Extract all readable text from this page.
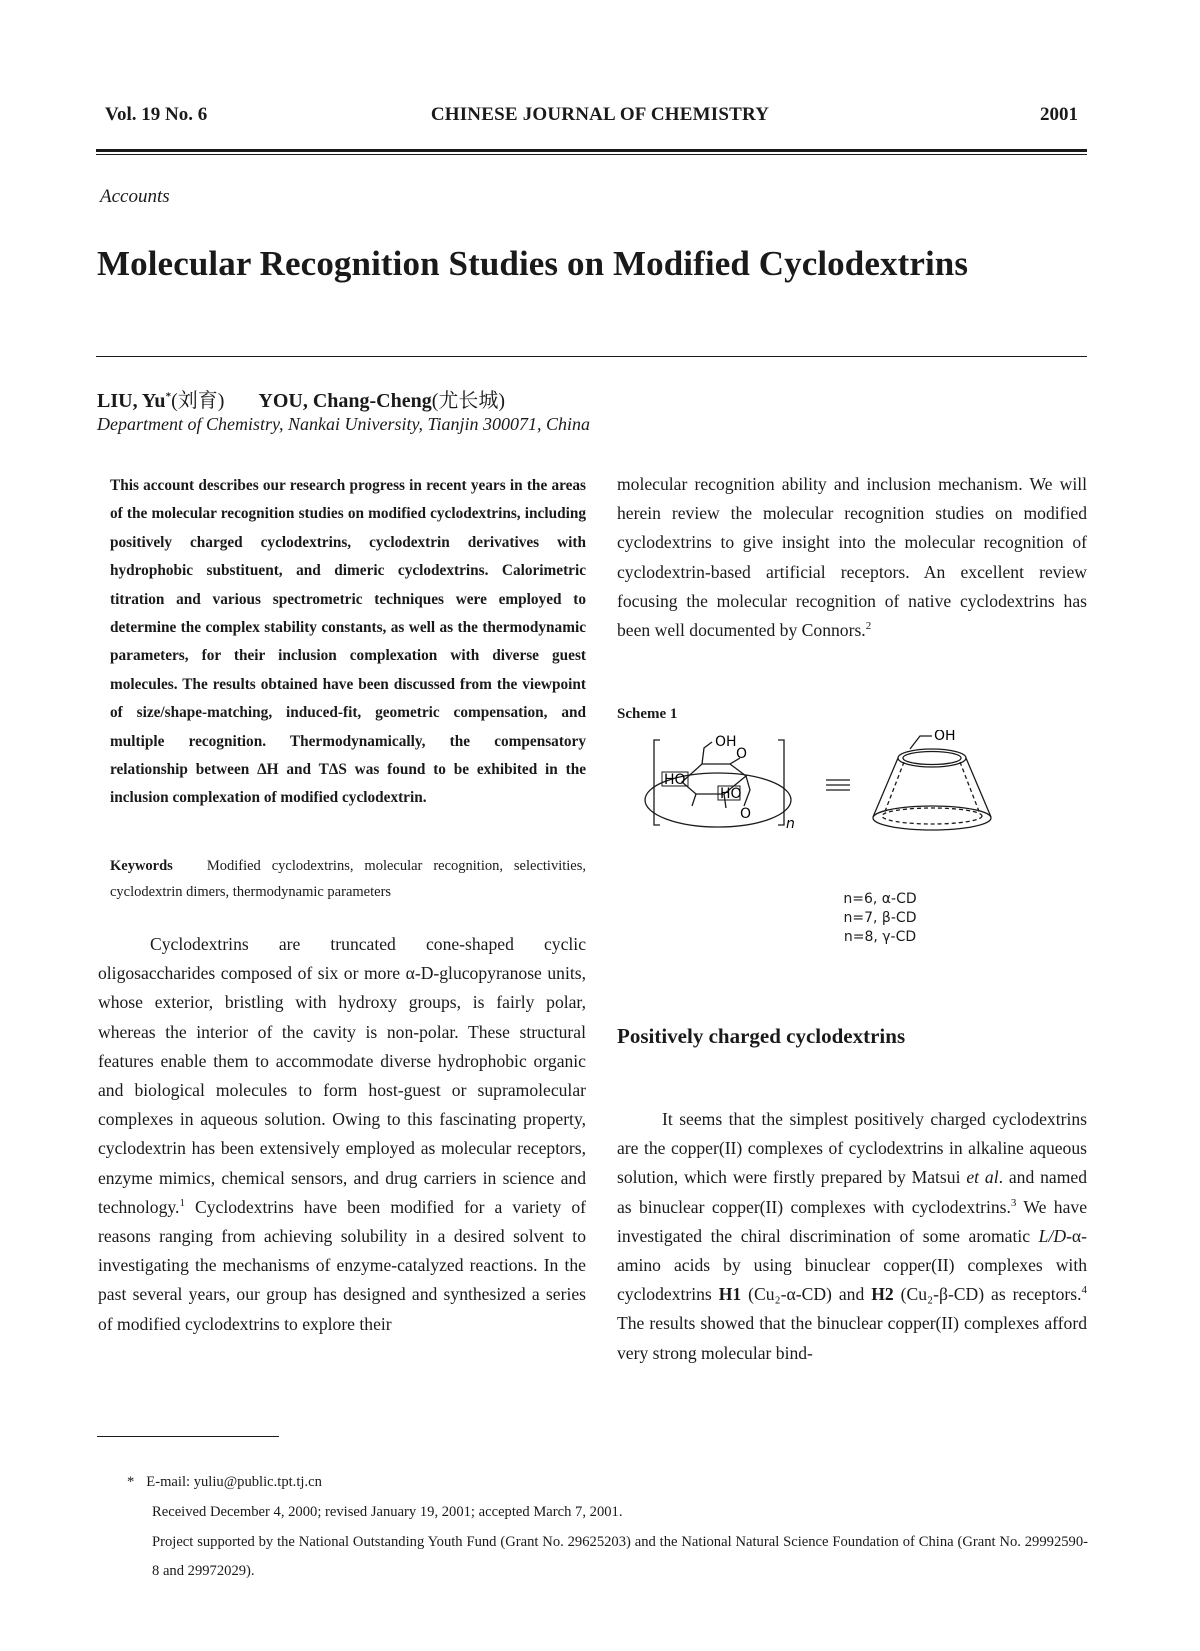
Vol. 19 No. 6	CHINESE JOURNAL OF CHEMISTRY	2001
Accounts
Molecular Recognition Studies on Modified Cyclodextrins
LIU, Yu*(刘育) YOU, Chang-Cheng(尤长城)
Department of Chemistry, Nankai University, Tianjin 300071, China
This account describes our research progress in recent years in the areas of the molecular recognition studies on modified cyclodextrins, including positively charged cyclodextrins, cyclodextrin derivatives with hydrophobic substituent, and dimeric cyclodextrins. Calorimetric titration and various spectrometric techniques were employed to determine the complex stability constants, as well as the thermodynamic parameters, for their inclusion complexation with diverse guest molecules. The results obtained have been discussed from the viewpoint of size/shape-matching, induced-fit, geometric compensation, and multiple recognition. Thermodynamically, the compensatory relationship between ΔH and TΔS was found to be exhibited in the inclusion complexation of modified cyclodextrin.
Keywords Modified cyclodextrins, molecular recognition, selectivities, cyclodextrin dimers, thermodynamic parameters

Cyclodextrins are truncated cone-shaped cyclic oligosaccharides composed of six or more α-D-glucopyranose units, whose exterior, bristling with hydroxy groups, is fairly polar, whereas the interior of the cavity is non-polar. These structural features enable them to accommodate diverse hydrophobic organic and biological molecules to form host-guest or supramolecular complexes in aqueous solution. Owing to this fascinating property, cyclodextrin has been extensively employed as molecular receptors, enzyme mimics, chemical sensors, and drug carriers in science and technology.$^1$ Cyclodextrins have been modified for a variety of reasons ranging from achieving solubility in a desired solvent to investigating the mechanisms of enzyme-catalyzed reactions. In the past several years, our group has designed and synthesized a series of modified cyclodextrins to explore their

molecular recognition ability and inclusion mechanism. We will herein review the molecular recognition studies on modified cyclodextrins to give insight into the molecular recognition of cyclodextrin-based artificial receptors. An excellent review focusing the molecular recognition of native cyclodextrins has been well documented by Connors.$^2$

Scheme 1
OH
HO
HO
O
O
n
OH
n=6, α-CD
n=7, β-CD
n=8, γ-CD
Positively charged cyclodextrins

It seems that the simplest positively charged cyclodextrins are the copper(II) complexes of cyclodextrins in alkaline aqueous solution, which were firstly prepared by Matsui et al. and named as binuclear copper(II) complexes with cyclodextrins.$^3$ We have investigated the chiral discrimination of some aromatic L/D-α-amino acids by using binuclear copper(II) complexes with cyclodextrins H1 (Cu₂-α-CD) and H2 (Cu₂-β-CD) as receptors.$^4$ The results showed that the binuclear copper(II) complexes afford very strong molecular bind-

* E-mail: yuliu@public.tpt.tj.cn
Received December 4, 2000; revised January 19, 2001; accepted March 7, 2001.
Project supported by the National Outstanding Youth Fund (Grant No. 29625203) and the National Natural Science Foundation of China (Grant No. 29992590-8 and 29972029).
